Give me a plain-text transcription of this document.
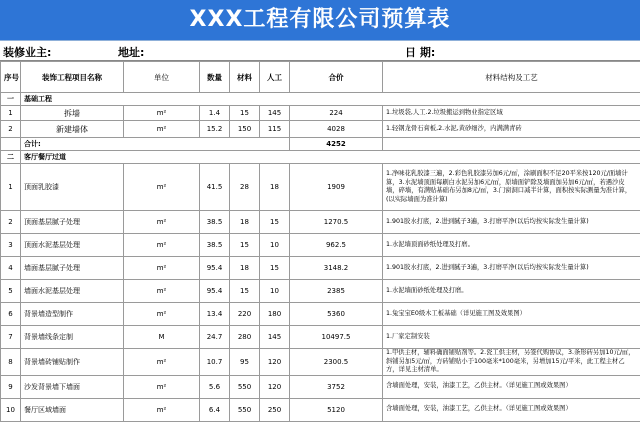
XXX工程有限公司预算表
装修业主:	地址:	日 期:
序号	装饰工程项目名称	单位	数量	材料	人工	合价	材料结构及工艺
一	基础工程						
1	拆墙	m²	1.4	15	145	224	1.垃圾袋,人工.2.垃圾搬运到物业指定区域
2	新建墙体	m²	15.2	150	115	4028	1.轻钢龙骨石膏板,2.水泥,黄砂细沙，内满满青砖
	合计:					4252	
二	客厅餐厅过道						
1	顶面乳胶漆	m²	41.5	28	18	1909	1.净味花乳胶漆三遍，2.彩色乳胶漆另加6元/㎡，涂刷面积不足20平米按120元/面墙计算，3.水泥墙顶面每刷白水泥另加6元/㎡，原墙面铲除及墙面加另加6元/㎡，若遇沙皮墙，碎墙，有满贴基础布另加8元/㎡，3.门窗洞口减半计算，面积按实际测量为准计算，(以实际墙面为准计算)
2	顶面基层腻子处理	m²	38.5	18	15	1270.5	1.901胶水打底，2.进到腻子3遍，3.打磨平净(以后均按实际发生量计算)
3	顶面水泥基层处理	m²	38.5	15	10	962.5	1.水泥墙顶面砂纸处理及打磨。
4	墙面基层腻子处理	m²	95.4	18	15	3148.2	1.901胶水打底，2.进到腻子3遍，3.打磨平净(以后均按实际发生量计算)
5	墙面水泥基层处理	m²	95.4	15	10	2385	1.水泥墙面砂纸处理及打磨。
6	背景墙造型制作	m²	13.4	220	180	5360	1.兔宝宝E0级木工板基础（详见施工图及效果图）
7	背景墙线条定制	M	24.7	280	145	10497.5	1.厂家定制安装
8	背景墙砖铺贴制作	m²	10.7	95	120	2300.5	1.甲供主材，辅料确面铺贴剂等。2.瓷工供主材，另签代购协议，3.条形砖另加10元/㎡，斜铺另加5元/㎡，方砖铺贴小于100毫米*100毫米，另增加15元/平米，此工程主材乙方，详见主材清单。
9	沙发背景墙下墙面	m²	5.6	550	120	3752	含墙面处理，安装，油漆工艺，乙供主材。（详见施工图或效果图）
10	餐厅区域墙面	m²	6.4	550	250	5120	含墙面处理，安装，油漆工艺，乙供主材。（详见施工图或效果图）
